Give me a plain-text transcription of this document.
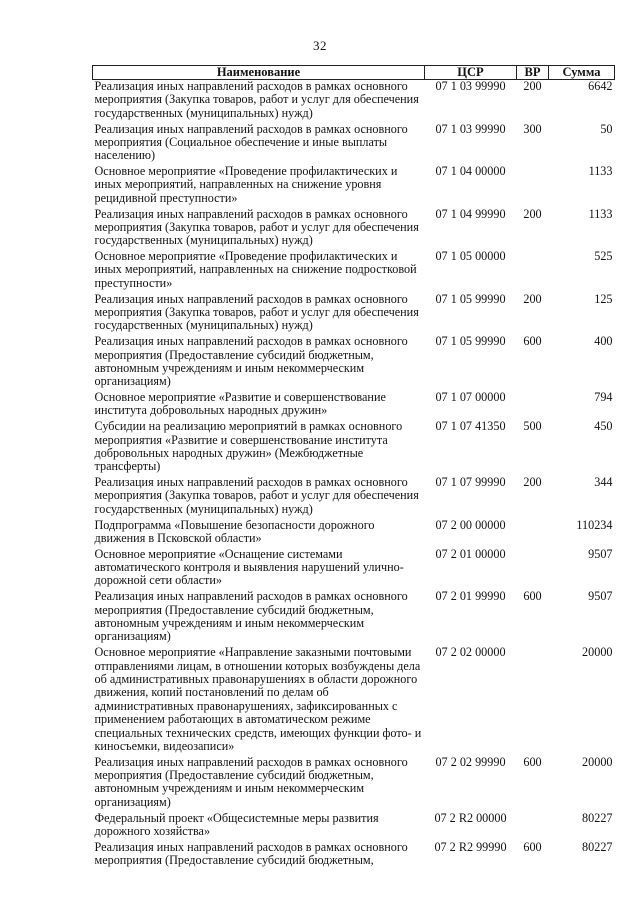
32
Наименование	ЦСР	ВР	Сумма
Реализация иных направлений расходов в рамках основного мероприятия (Закупка товаров, работ и услуг для обеспечения государственных (муниципальных) нужд)	07 1 03 99990	200	6642
Реализация иных направлений расходов в рамках основного мероприятия (Социальное обеспечение и иные выплаты населению)	07 1 03 99990	300	50
Основное мероприятие «Проведение профилактических и иных мероприятий, направленных на снижение уровня рецидивной преступности»	07 1 04 00000		1133
Реализация иных направлений расходов в рамках основного мероприятия (Закупка товаров, работ и услуг для обеспечения государственных (муниципальных) нужд)	07 1 04 99990	200	1133
Основное мероприятие «Проведение профилактических и иных мероприятий, направленных на снижение подростковой преступности»	07 1 05 00000		525
Реализация иных направлений расходов в рамках основного мероприятия (Закупка товаров, работ и услуг для обеспечения государственных (муниципальных) нужд)	07 1 05 99990	200	125
Реализация иных направлений расходов в рамках основного мероприятия (Предоставление субсидий бюджетным, автономным учреждениям и иным некоммерческим организациям)	07 1 05 99990	600	400
Основное мероприятие «Развитие и совершенствование института добровольных народных дружин»	07 1 07 00000		794
Субсидии на реализацию мероприятий в рамках основного мероприятия «Развитие и совершенствование института добровольных народных дружин» (Межбюджетные трансферты)	07 1 07 41350	500	450
Реализация иных направлений расходов в рамках основного мероприятия (Закупка товаров, работ и услуг для обеспечения государственных (муниципальных) нужд)	07 1 07 99990	200	344
Подпрограмма «Повышение безопасности дорожного движения в Псковской области»	07 2 00 00000		110234
Основное мероприятие «Оснащение системами автоматического контроля и выявления нарушений улично-дорожной сети области»	07 2 01 00000		9507
Реализация иных направлений расходов в рамках основного мероприятия (Предоставление субсидий бюджетным, автономным учреждениям и иным некоммерческим организациям)	07 2 01 99990	600	9507
Основное мероприятие «Направление заказными почтовыми отправлениями лицам, в отношении которых возбуждены дела об административных правонарушениях в области дорожного движения, копий постановлений по делам об административных правонарушениях, зафиксированных с применением работающих в автоматическом режиме специальных технических средств, имеющих функции фото- и киносъемки, видеозаписи»	07 2 02 00000		20000
Реализация иных направлений расходов в рамках основного мероприятия (Предоставление субсидий бюджетным, автономным учреждениям и иным некоммерческим организациям)	07 2 02 99990	600	20000
Федеральный проект «Общесистемные меры развития дорожного хозяйства»	07 2 R2 00000		80227
Реализация иных направлений расходов в рамках основного мероприятия (Предоставление субсидий бюджетным,	07 2 R2 99990	600	80227
